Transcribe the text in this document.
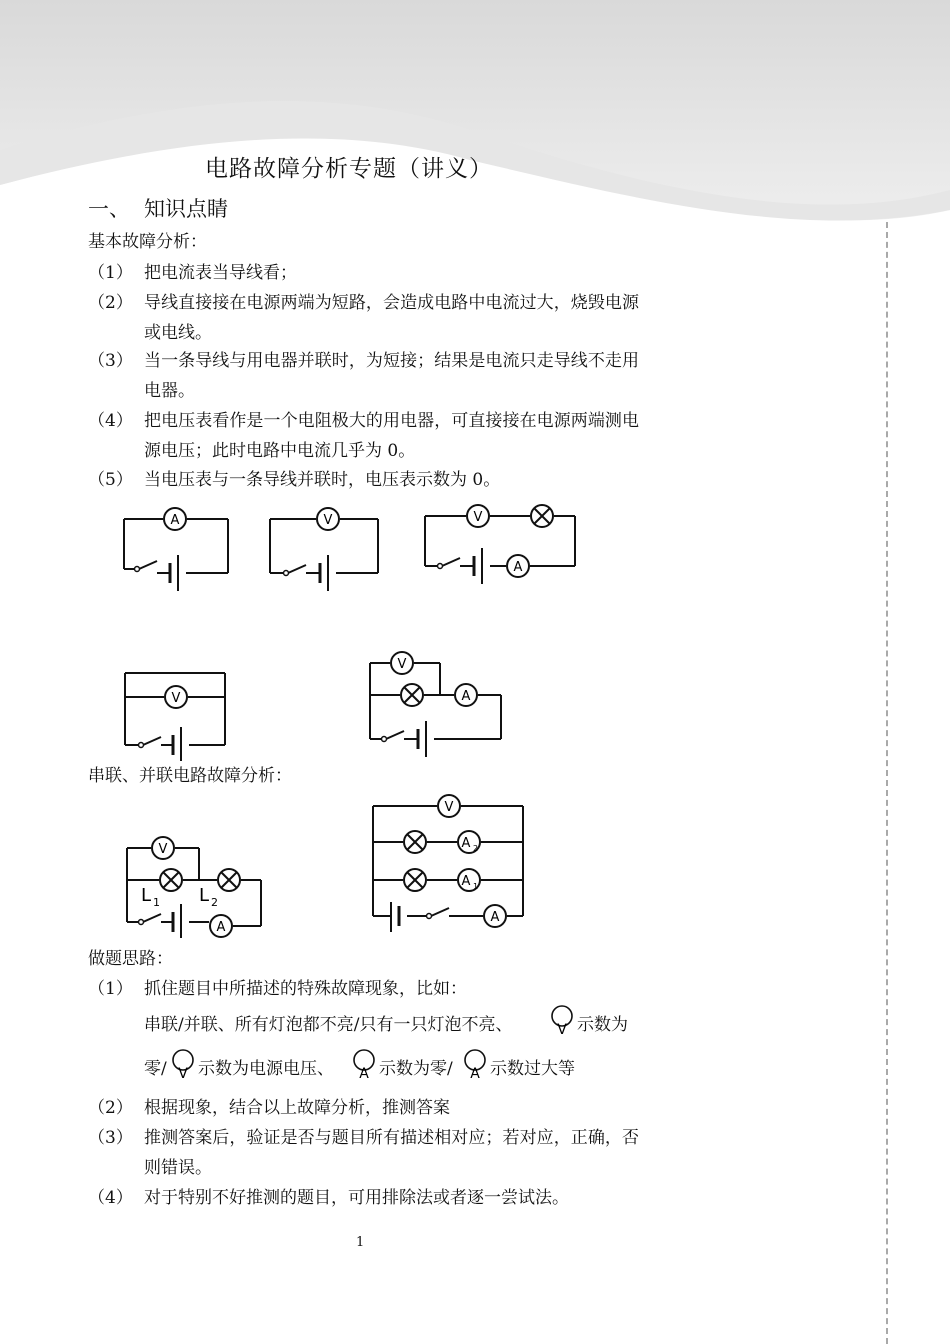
电路故障分析专题（讲义）
一、 知识点睛
基本故障分析：
（1） 把电流表当导线看；
（2） 导线直接接在电源两端为短路，会造成电路中电流过大，烧毁电源或电线。
（3） 当一条导线与用电器并联时，为短接；结果是电流只走导线不走用电器。
（4） 把电压表看作是一个电阻极大的用电器，可直接接在电源两端测电源电压；此时电路中电流几乎为 0。
（5） 当电压表与一条导线并联时，电压表示数为 0。
A	V	V
A
V
V
A
串联、并联电路故障分析：
V
L 1 L 2
A
V
A 2
A 1
A
做题思路：
（1） 抓住题目中所描述的特殊故障现象，比如：
串联/并联、所有灯泡都不亮/只有一只灯泡不亮、	V 示数为
零/ V 示数为电源电压、 A 示数为零/ A 示数过大等
（2） 根据现象，结合以上故障分析，推测答案
（3） 推测答案后，验证是否与题目所有描述相对应；若对应，正确，否则错误。
（4） 对于特别不好推测的题目，可用排除法或者逐一尝试法。
1
